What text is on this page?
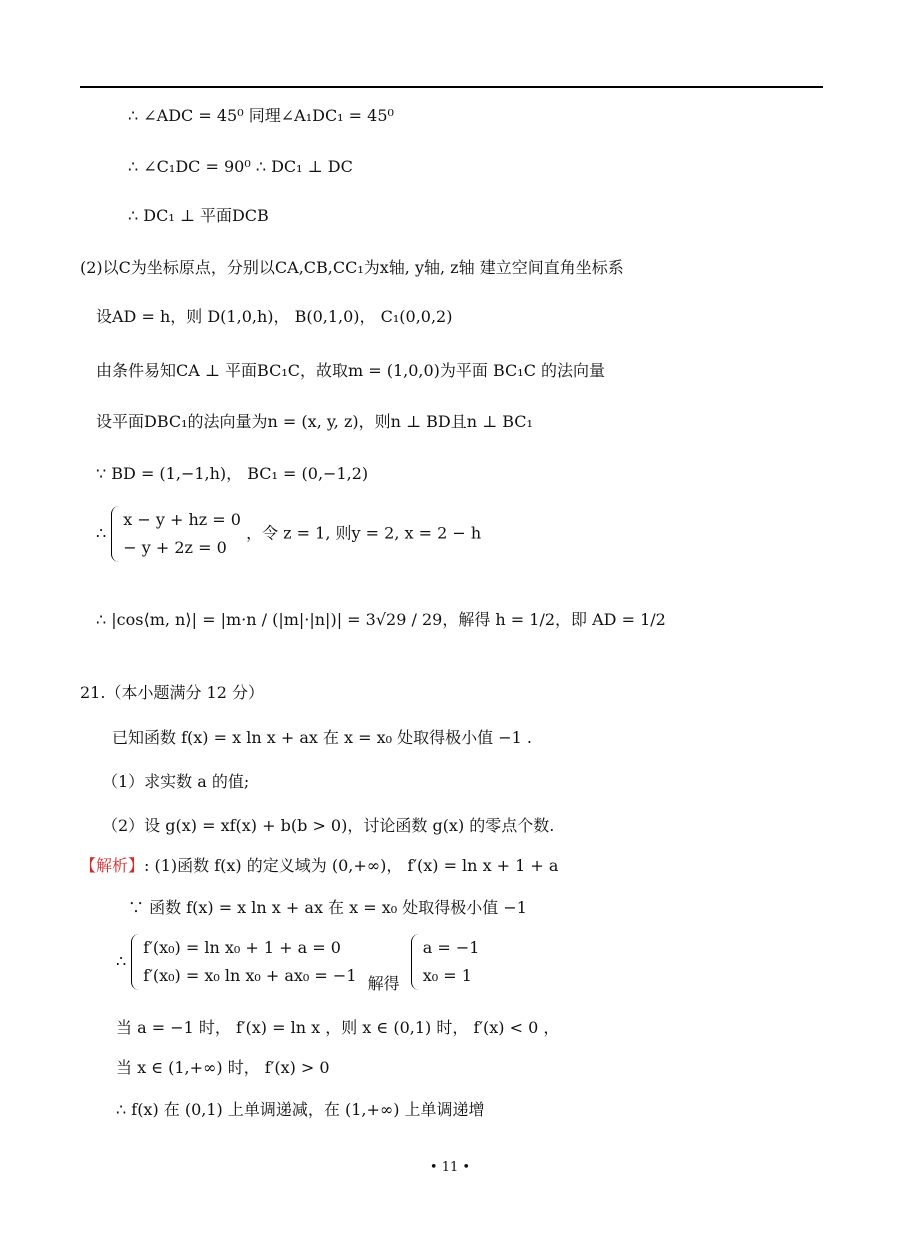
∴ ∠ADC = 45⁰ 同理∠A₁DC₁ = 45⁰
∴ ∠C₁DC = 90⁰ ∴ DC₁ ⊥ DC
∴ DC₁ ⊥ 平面DCB
(2)以C为坐标原点，分别以CA,CB,CC₁为x轴, y轴, z轴 建立空间直角坐标系
设AD = h，则 D(1,0,h)， B(0,1,0)， C₁(0,0,2)
由条件易知CA ⊥ 平面BC₁C，故取m = (1,0,0)为平面 BC₁C 的法向量
设平面DBC₁的法向量为n = (x, y, z)，则n ⊥ BD且n ⊥ BC₁
∵ BD = (1,−1,h)， BC₁ = (0,−1,2)
∴
x − y + hz = 0
− y + 2z = 0
，令 z = 1, 则y = 2, x = 2 − h
∴ |cos⟨m, n⟩| = |m·n / (|m|·|n|)| = 3√29 / 29，解得 h = 1/2，即 AD = 1/2
21.（本小题满分 12 分）
已知函数 f(x) = x ln x + ax 在 x = x₀ 处取得极小值 −1 .
（1）求实数 a 的值;
（2）设 g(x) = xf(x) + b(b > 0)，讨论函数 g(x) 的零点个数.
【解析】: (1)函数 f(x) 的定义域为 (0,+∞)， f′(x) = ln x + 1 + a
∵ 函数 f(x) = x ln x + ax 在 x = x₀ 处取得极小值 −1
∴
f′(x₀) = ln x₀ + 1 + a = 0
f′(x₀) = x₀ ln x₀ + ax₀ = −1 解得
a = −1
x₀ = 1
当 a = −1 时， f′(x) = ln x ，则 x ∈ (0,1) 时， f′(x) < 0 ，
当 x ∈ (1,+∞) 时， f′(x) > 0
∴ f(x) 在 (0,1) 上单调递减，在 (1,+∞) 上单调递增
• 11 •
